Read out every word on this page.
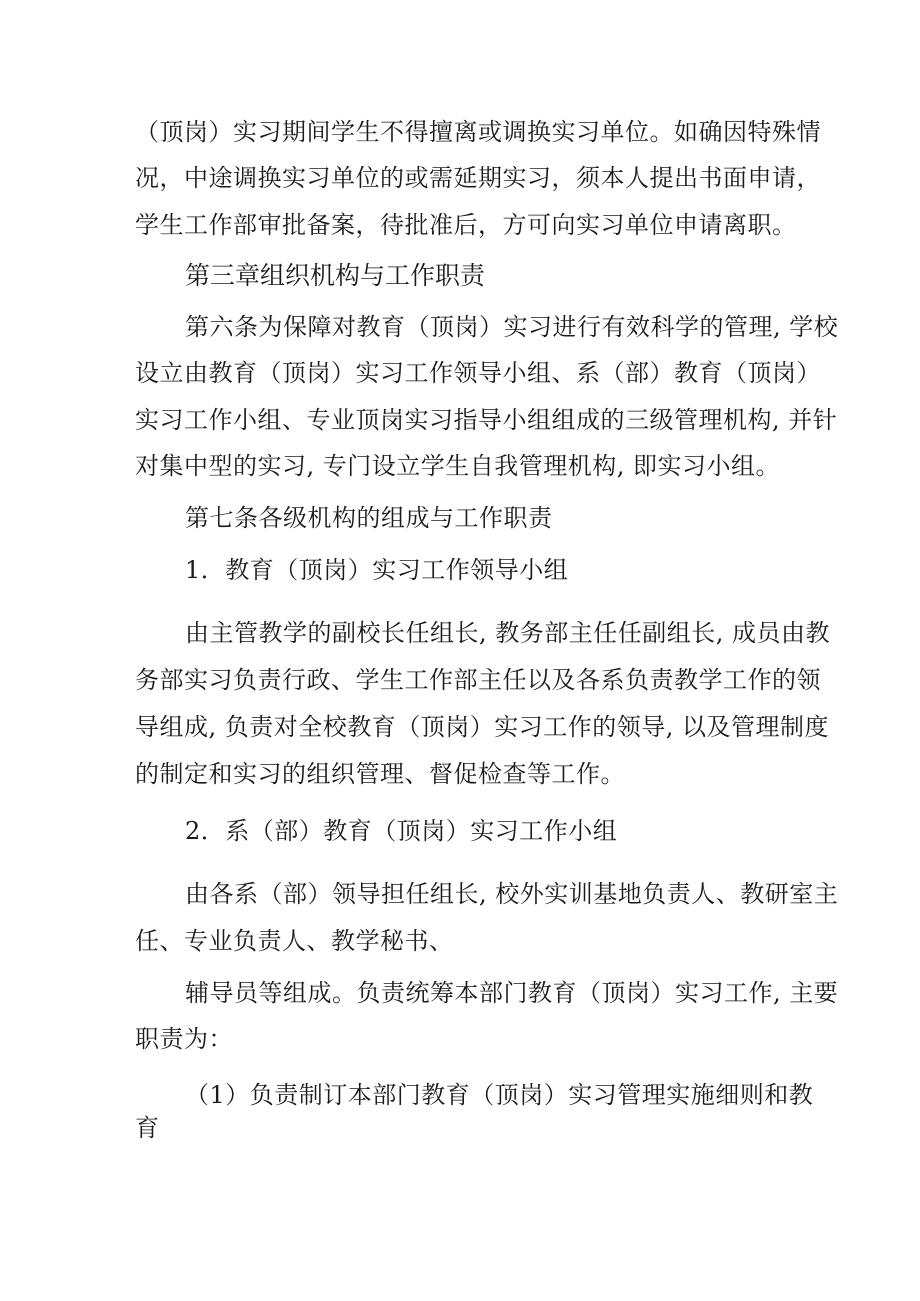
（顶岗）实习期间学生不得擅离或调换实习单位。如确因特殊情
况，中途调换实习单位的或需延期实习，须本人提出书面申请，
学生工作部审批备案，待批准后，方可向实习单位申请离职。
第三章组织机构与工作职责
第六条为保障对教育（顶岗）实习进行有效科学的管理, 学校
设立由教育（顶岗）实习工作领导小组、系（部）教育（顶岗）
实习工作小组、专业顶岗实习指导小组组成的三级管理机构, 并针
对集中型的实习, 专门设立学生自我管理机构, 即实习小组。
第七条各级机构的组成与工作职责
1．教育（顶岗）实习工作领导小组
由主管教学的副校长任组长, 教务部主任任副组长, 成员由教
务部实习负责行政、学生工作部主任以及各系负责教学工作的领
导组成, 负责对全校教育（顶岗）实习工作的领导, 以及管理制度
的制定和实习的组织管理、督促检查等工作。
2．系（部）教育（顶岗）实习工作小组
由各系（部）领导担任组长, 校外实训基地负责人、教研室主
任、专业负责人、教学秘书、
辅导员等组成。负责统筹本部门教育（顶岗）实习工作, 主要
职责为：
（1）负责制订本部门教育（顶岗）实习管理实施细则和教
育
